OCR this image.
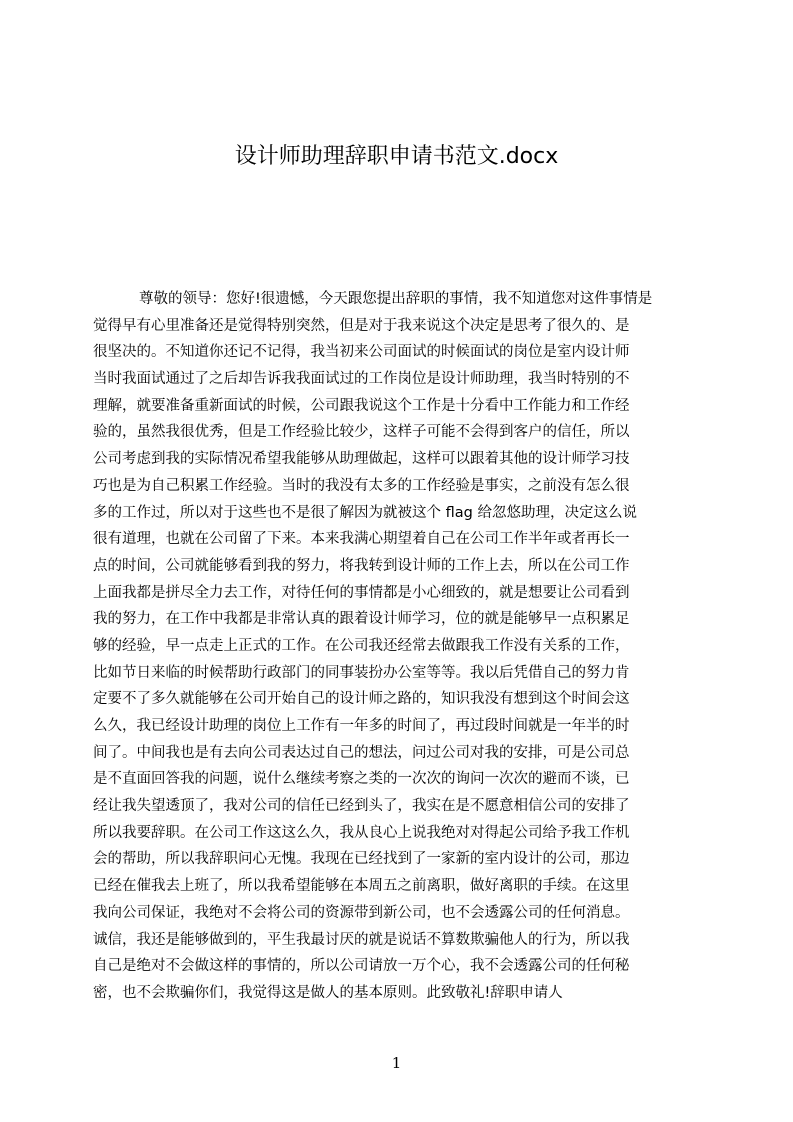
设计师助理辞职申请书范文.docx

尊敬的领导：您好!很遗憾，今天跟您提出辞职的事情，我不知道您对这件事情是

觉得早有心里准备还是觉得特别突然，但是对于我来说这个决定是思考了很久的、是

很坚决的。不知道你还记不记得，我当初来公司面试的时候面试的岗位是室内设计师

当时我面试通过了之后却告诉我我面试过的工作岗位是设计师助理，我当时特别的不

理解，就要准备重新面试的时候，公司跟我说这个工作是十分看中工作能力和工作经

验的，虽然我很优秀，但是工作经验比较少，这样子可能不会得到客户的信任，所以

公司考虑到我的实际情况希望我能够从助理做起，这样可以跟着其他的设计师学习技

巧也是为自己积累工作经验。当时的我没有太多的工作经验是事实，之前没有怎么很

多的工作过，所以对于这些也不是很了解因为就被这个 flag 给忽悠助理，决定这么说

很有道理，也就在公司留了下来。本来我满心期望着自己在公司工作半年或者再长一

点的时间，公司就能够看到我的努力，将我转到设计师的工作上去，所以在公司工作

上面我都是拼尽全力去工作，对待任何的事情都是小心细致的，就是想要让公司看到

我的努力，在工作中我都是非常认真的跟着设计师学习，位的就是能够早一点积累足

够的经验，早一点走上正式的工作。在公司我还经常去做跟我工作没有关系的工作，

比如节日来临的时候帮助行政部门的同事装扮办公室等等。我以后凭借自己的努力肯

定要不了多久就能够在公司开始自己的设计师之路的，知识我没有想到这个时间会这

么久，我已经设计助理的岗位上工作有一年多的时间了，再过段时间就是一年半的时

间了。中间我也是有去向公司表达过自己的想法，问过公司对我的安排，可是公司总

是不直面回答我的问题，说什么继续考察之类的一次次的询问一次次的避而不谈，已

经让我失望透顶了，我对公司的信任已经到头了，我实在是不愿意相信公司的安排了

所以我要辞职。在公司工作这这么久，我从良心上说我绝对对得起公司给予我工作机

会的帮助，所以我辞职问心无愧。我现在已经找到了一家新的室内设计的公司，那边

已经在催我去上班了，所以我希望能够在本周五之前离职，做好离职的手续。在这里

我向公司保证，我绝对不会将公司的资源带到新公司，也不会透露公司的任何消息。

诚信，我还是能够做到的，平生我最讨厌的就是说话不算数欺骗他人的行为，所以我

自己是绝对不会做这样的事情的，所以公司请放一万个心，我不会透露公司的任何秘

密，也不会欺骗你们，我觉得这是做人的基本原则。此致敬礼!辞职申请人

1
